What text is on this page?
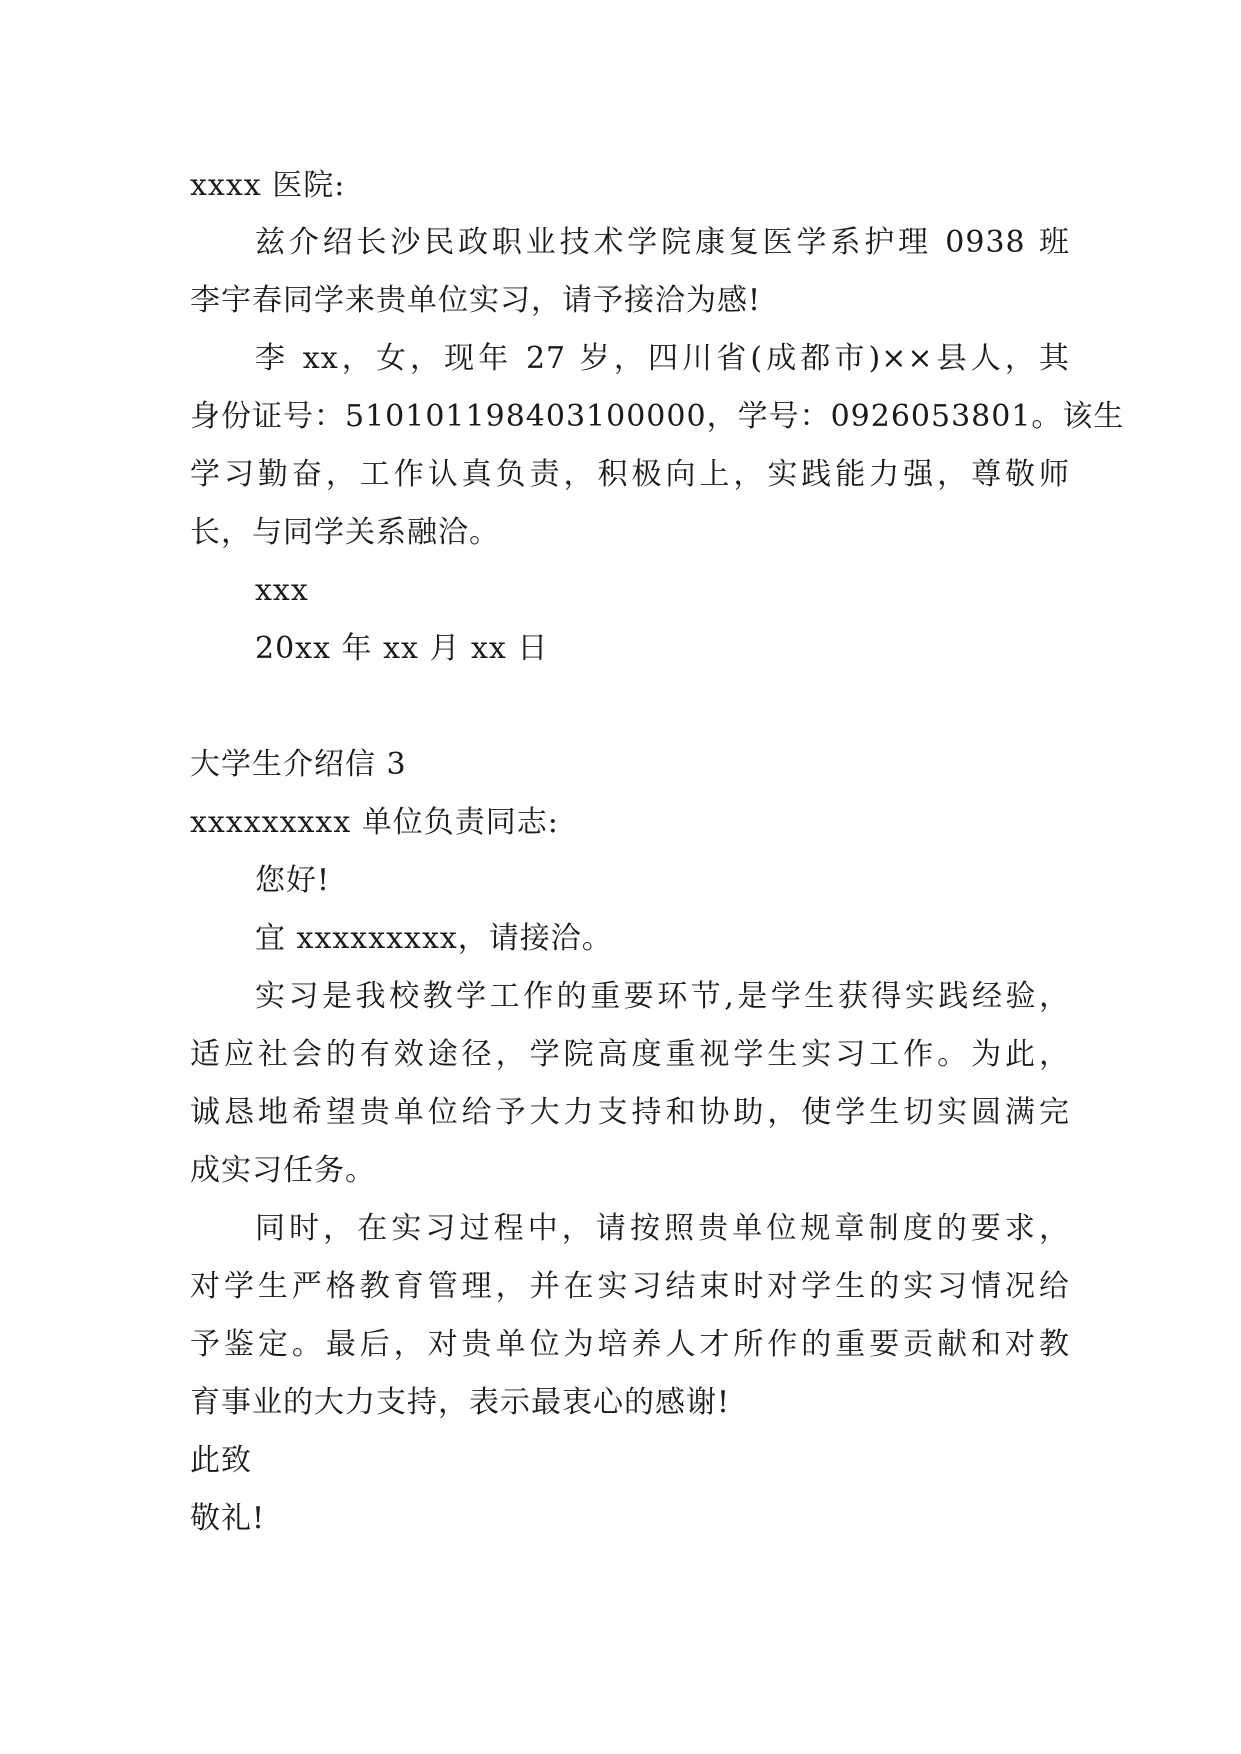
xxxx 医院:
兹介绍长沙民政职业技术学院康复医学系护理 0938 班
李宇春同学来贵单位实习，请予接洽为感!
李 xx，女，现年 27 岁，四川省(成都市)××县人，其
身份证号：510101198403100000，学号：0926053801。该生
学习勤奋，工作认真负责，积极向上，实践能力强，尊敬师
长，与同学关系融洽。
xxx
20xx 年 xx 月 xx 日
大学生介绍信 3
xxxxxxxxx 单位负责同志:
您好!
宜 xxxxxxxxx，请接洽。
实习是我校教学工作的重要环节,是学生获得实践经验，
适应社会的有效途径，学院高度重视学生实习工作。为此，
诚恳地希望贵单位给予大力支持和协助，使学生切实圆满完
成实习任务。
同时，在实习过程中，请按照贵单位规章制度的要求，
对学生严格教育管理，并在实习结束时对学生的实习情况给
予鉴定。最后，对贵单位为培养人才所作的重要贡献和对教
育事业的大力支持，表示最衷心的感谢!
此致
敬礼!
